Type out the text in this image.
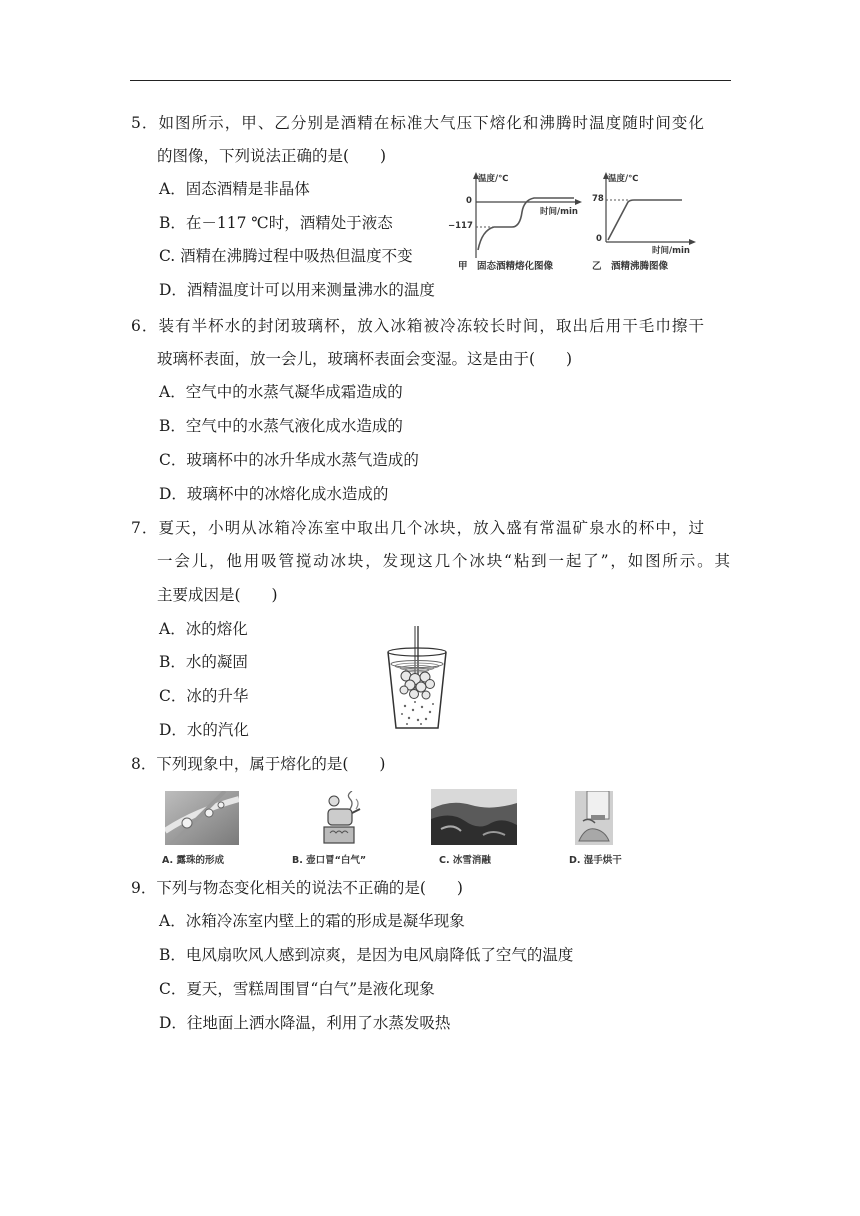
5．如图所示，甲、乙分别是酒精在标准大气压下熔化和沸腾时温度随时间变化
的图像，下列说法正确的是(　　)
A．固态酒精是非晶体
B．在－117 ℃时，酒精处于液态
C. 酒精在沸腾过程中吸热但温度不变
D．酒精温度计可以用来测量沸水的温度
温度/℃
时间/min
0
−117
甲　固态酒精熔化图像
温度/℃
78
0
时间/min
乙　酒精沸腾图像
6．装有半杯水的封闭玻璃杯，放入冰箱被冷冻较长时间，取出后用干毛巾擦干
玻璃杯表面，放一会儿，玻璃杯表面会变湿。这是由于(　　)
A．空气中的水蒸气凝华成霜造成的
B．空气中的水蒸气液化成水造成的
C．玻璃杯中的冰升华成水蒸气造成的
D．玻璃杯中的冰熔化成水造成的
7．夏天，小明从冰箱冷冻室中取出几个冰块，放入盛有常温矿泉水的杯中，过
一会儿，他用吸管搅动冰块，发现这几个冰块“粘到一起了”，如图所示。其
主要成因是(　　)
A．冰的熔化
B．水的凝固
C．冰的升华
D．水的汽化
8．下列现象中，属于熔化的是(　　)
A. 露珠的形成	B. 壶口冒“白气”	C. 冰雪消融	D. 湿手烘干
9．下列与物态变化相关的说法不正确的是(　　)
A．冰箱冷冻室内壁上的霜的形成是凝华现象
B．电风扇吹风人感到凉爽，是因为电风扇降低了空气的温度
C．夏天，雪糕周围冒“白气”是液化现象
D．往地面上洒水降温，利用了水蒸发吸热
